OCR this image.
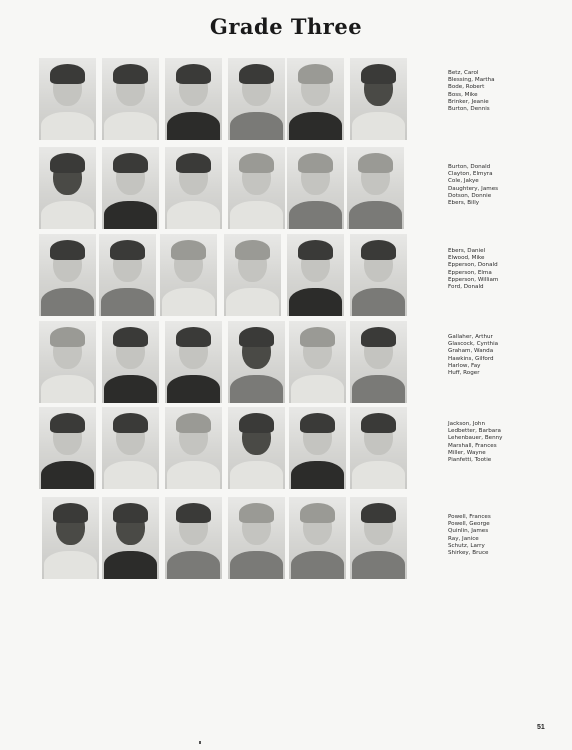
Grade Three
Betz, Carol
Blessing, Martha
Bode, Robert
Boss, Mike
Brinker, Jeanie
Burton, Dennis
Burton, Donald
Clayton, Elmyra
Cole, Jakye
Daughtery, James
Dotson, Donnie
Ebers, Billy
Ebers, Daniel
Elwood, Mike
Epperson, Donald
Epperson, Elma
Epperson, William
Ford, Donald
Gallaher, Arthur
Glascock, Cynthia
Graham, Wanda
Hawkins, Gilford
Harlow, Fay
Huff, Roger
Jackson, John
Ledbetter, Barbara
Lehenbauer, Benny
Marshall, Frances
Miller, Wayne
Pianfetti, Tootie
Powell, Frances
Powell, George
Quinlin, James
Ray, Janice
Schutz, Larry
Shirkey, Bruce
51
